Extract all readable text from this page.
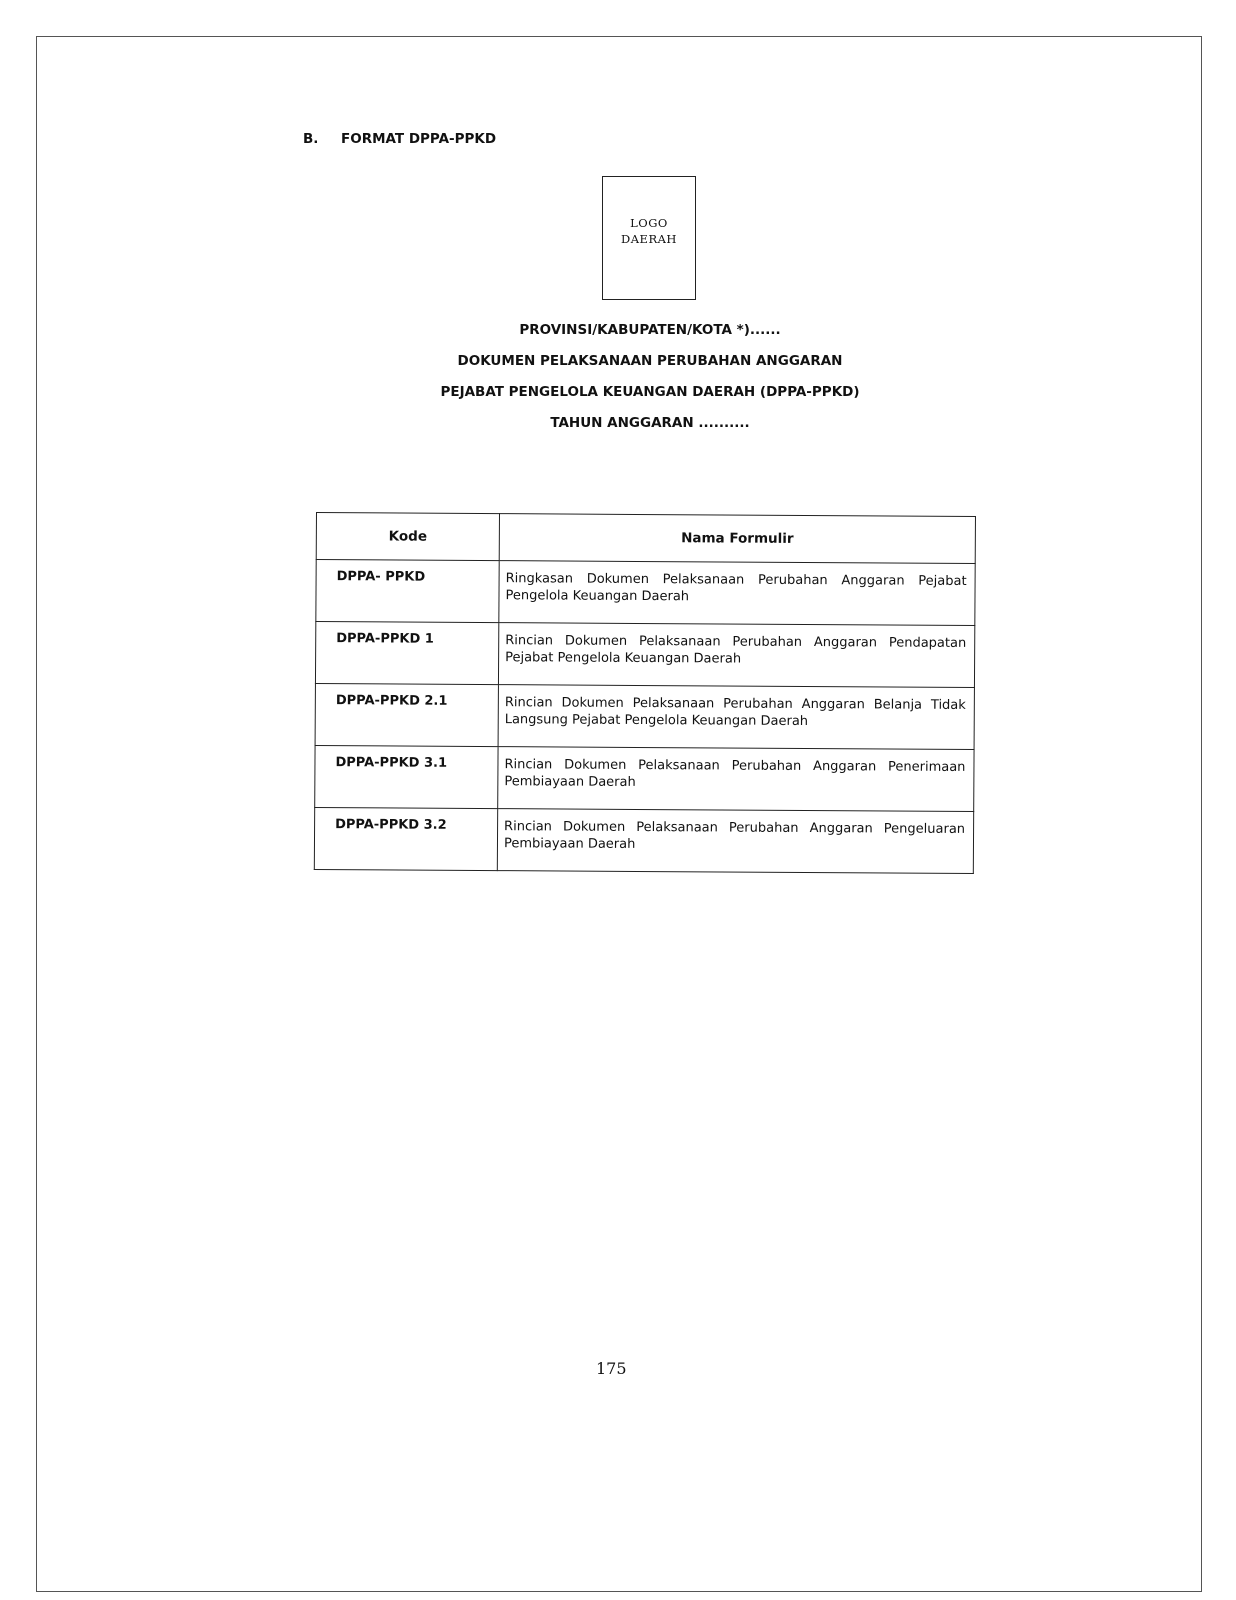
B. FORMAT DPPA-PPKD
LOGO
DAERAH
PROVINSI/KABUPATEN/KOTA *)......
DOKUMEN PELAKSANAAN PERUBAHAN ANGGARAN
PEJABAT PENGELOLA KEUANGAN DAERAH (DPPA-PPKD)
TAHUN ANGGARAN ..........
Kode	Nama Formulir
DPPA- PPKD	Ringkasan Dokumen Pelaksanaan Perubahan Anggaran Pejabat Pengelola Keuangan Daerah
DPPA-PPKD 1	Rincian Dokumen Pelaksanaan Perubahan Anggaran Pendapatan Pejabat Pengelola Keuangan Daerah
DPPA-PPKD 2.1	Rincian Dokumen Pelaksanaan Perubahan Anggaran Belanja Tidak Langsung Pejabat Pengelola Keuangan Daerah
DPPA-PPKD 3.1	Rincian Dokumen Pelaksanaan Perubahan Anggaran Penerimaan Pembiayaan Daerah
DPPA-PPKD 3.2	Rincian Dokumen Pelaksanaan Perubahan Anggaran Pengeluaran Pembiayaan Daerah
175
